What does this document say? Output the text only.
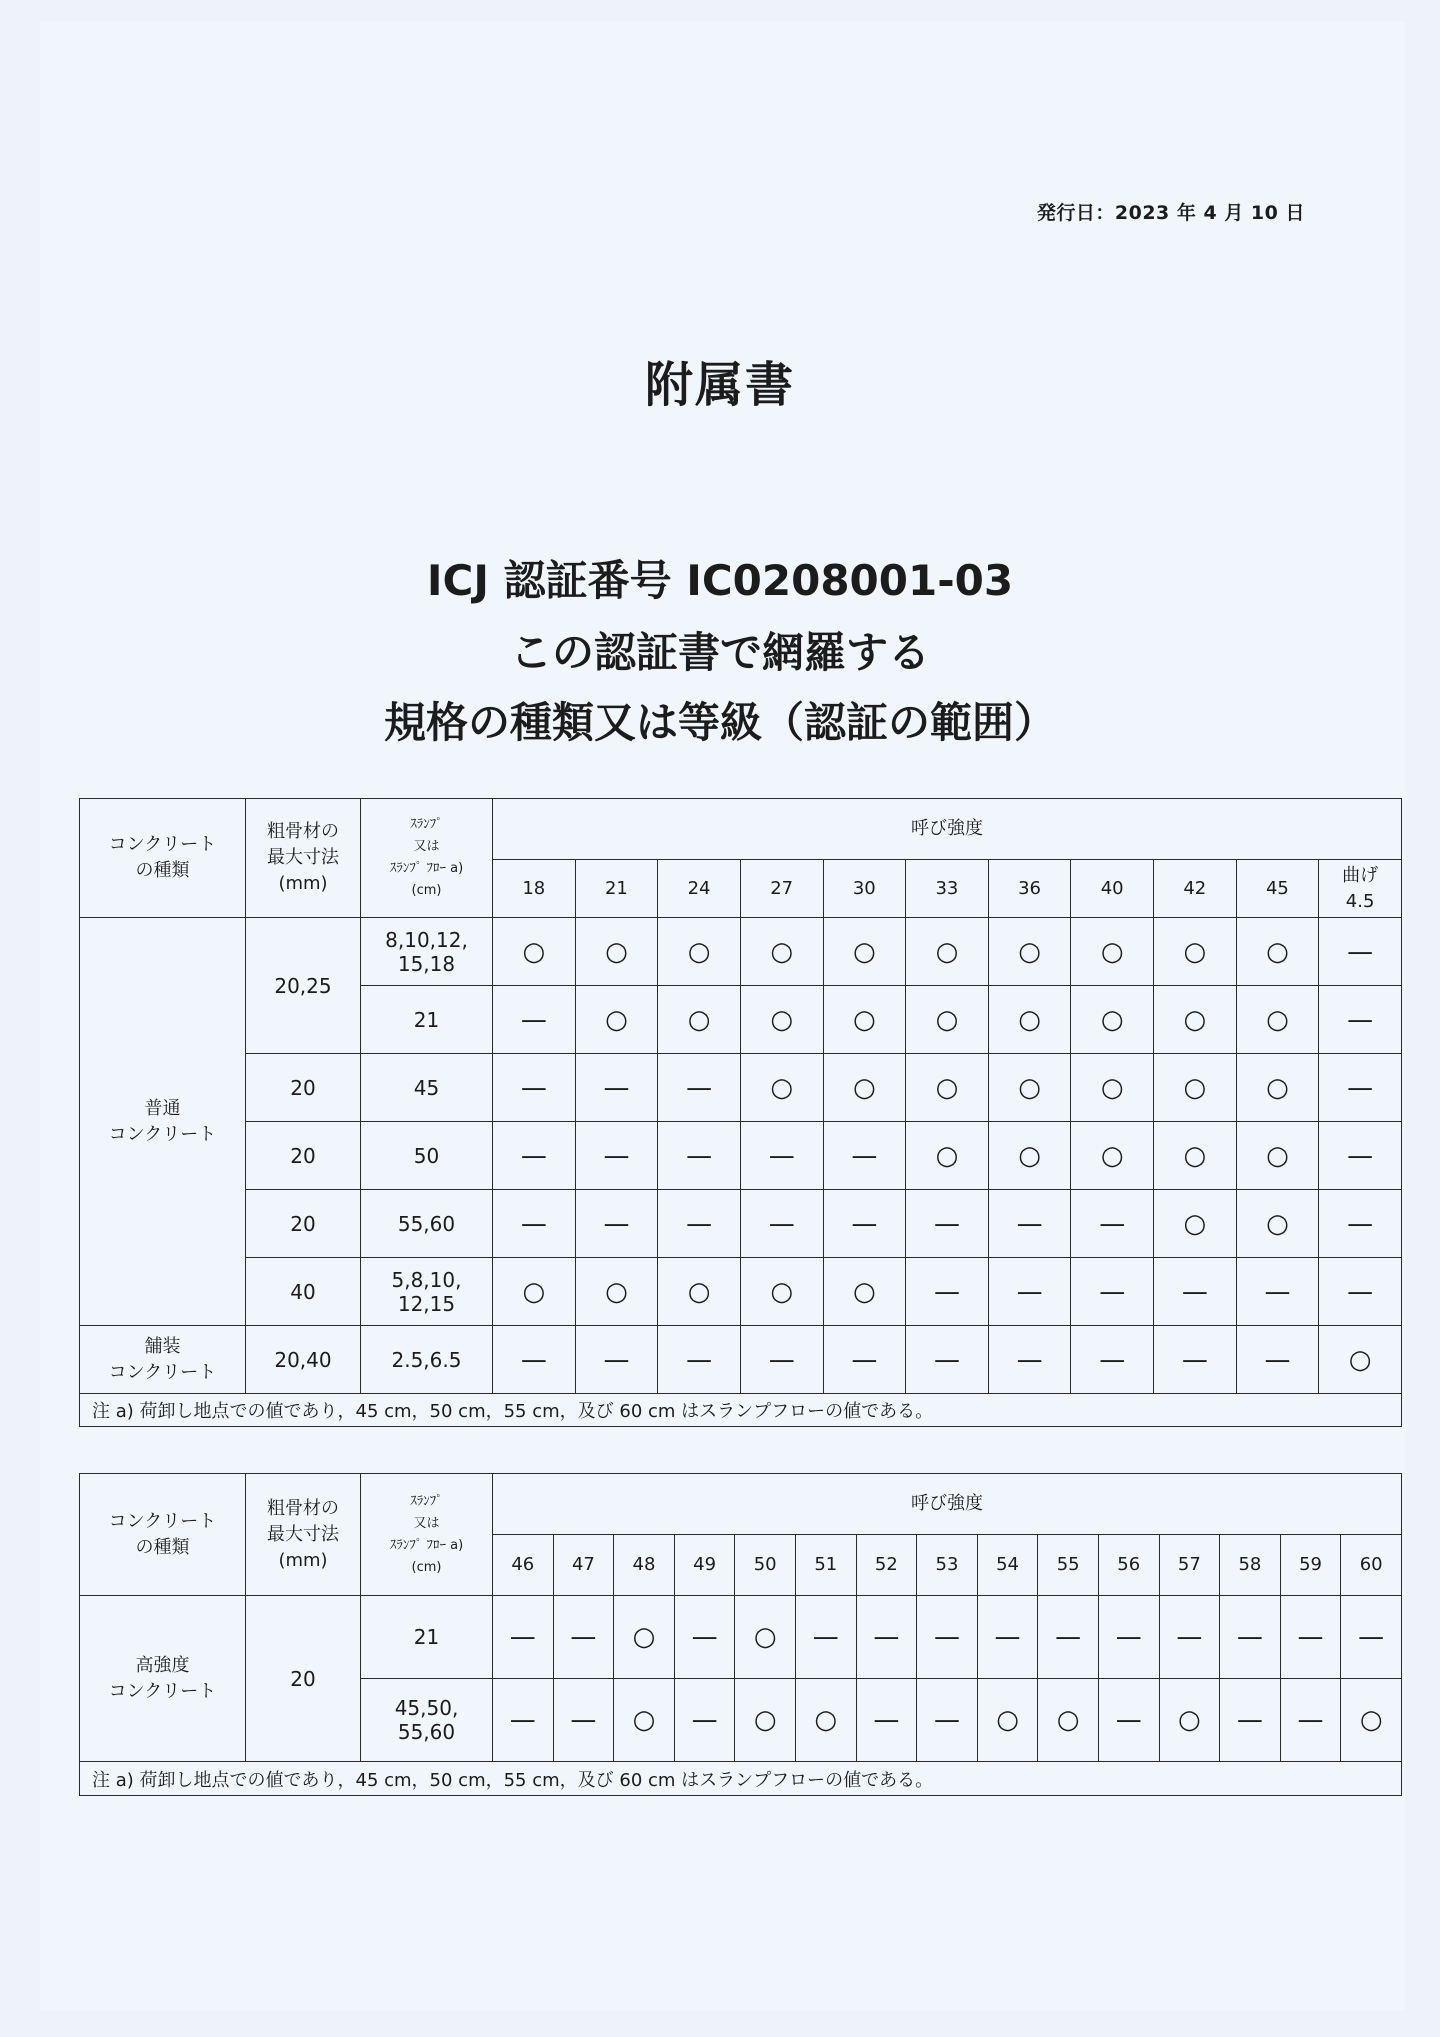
発行日：2023 年 4 月 10 日
附属書
ICJ 認証番号 IC0208001-03
この認証書で網羅する
規格の種類又は等級（認証の範囲）
コンクリート
の種類	粗骨材の
最大寸法
(mm)	ｽﾗﾝﾌﾟ
又は
ｽﾗﾝﾌﾟ ﾌﾛｰ a)
(cm)	呼び強度										
			18	21	24	27	30	33	36	40	42	45	曲げ
4.5
普通
コンクリート	20,25	8,10,12,
15,18	○	○	○	○	○	○	○	○	○	○	—
		21	—	○	○	○	○	○	○	○	○	○	—
	20	45	—	—	—	○	○	○	○	○	○	○	—
	20	50	—	—	—	—	—	○	○	○	○	○	—
	20	55,60	—	—	—	—	—	—	—	—	○	○	—
	40	5,8,10,
12,15	○	○	○	○	○	—	—	—	—	—	—
舗装
コンクリート	20,40	2.5,6.5	—	—	—	—	—	—	—	—	—	—	○
注 a) 荷卸し地点での値であり，45 cm，50 cm，55 cm，及び 60 cm はスランプフローの値である。													
コンクリート
の種類	粗骨材の
最大寸法
(mm)	ｽﾗﾝﾌﾟ
又は
ｽﾗﾝﾌﾟ ﾌﾛｰ a)
(cm)	呼び強度														
			46	47	48	49	50	51	52	53	54	55	56	57	58	59	60
高強度
コンクリート	20	21	—	—	○	—	○	—	—	—	—	—	—	—	—	—	—
		45,50,
55,60	—	—	○	—	○	○	—	—	○	○	—	○	—	—	○
注 a) 荷卸し地点での値であり，45 cm，50 cm，55 cm，及び 60 cm はスランプフローの値である。																	
